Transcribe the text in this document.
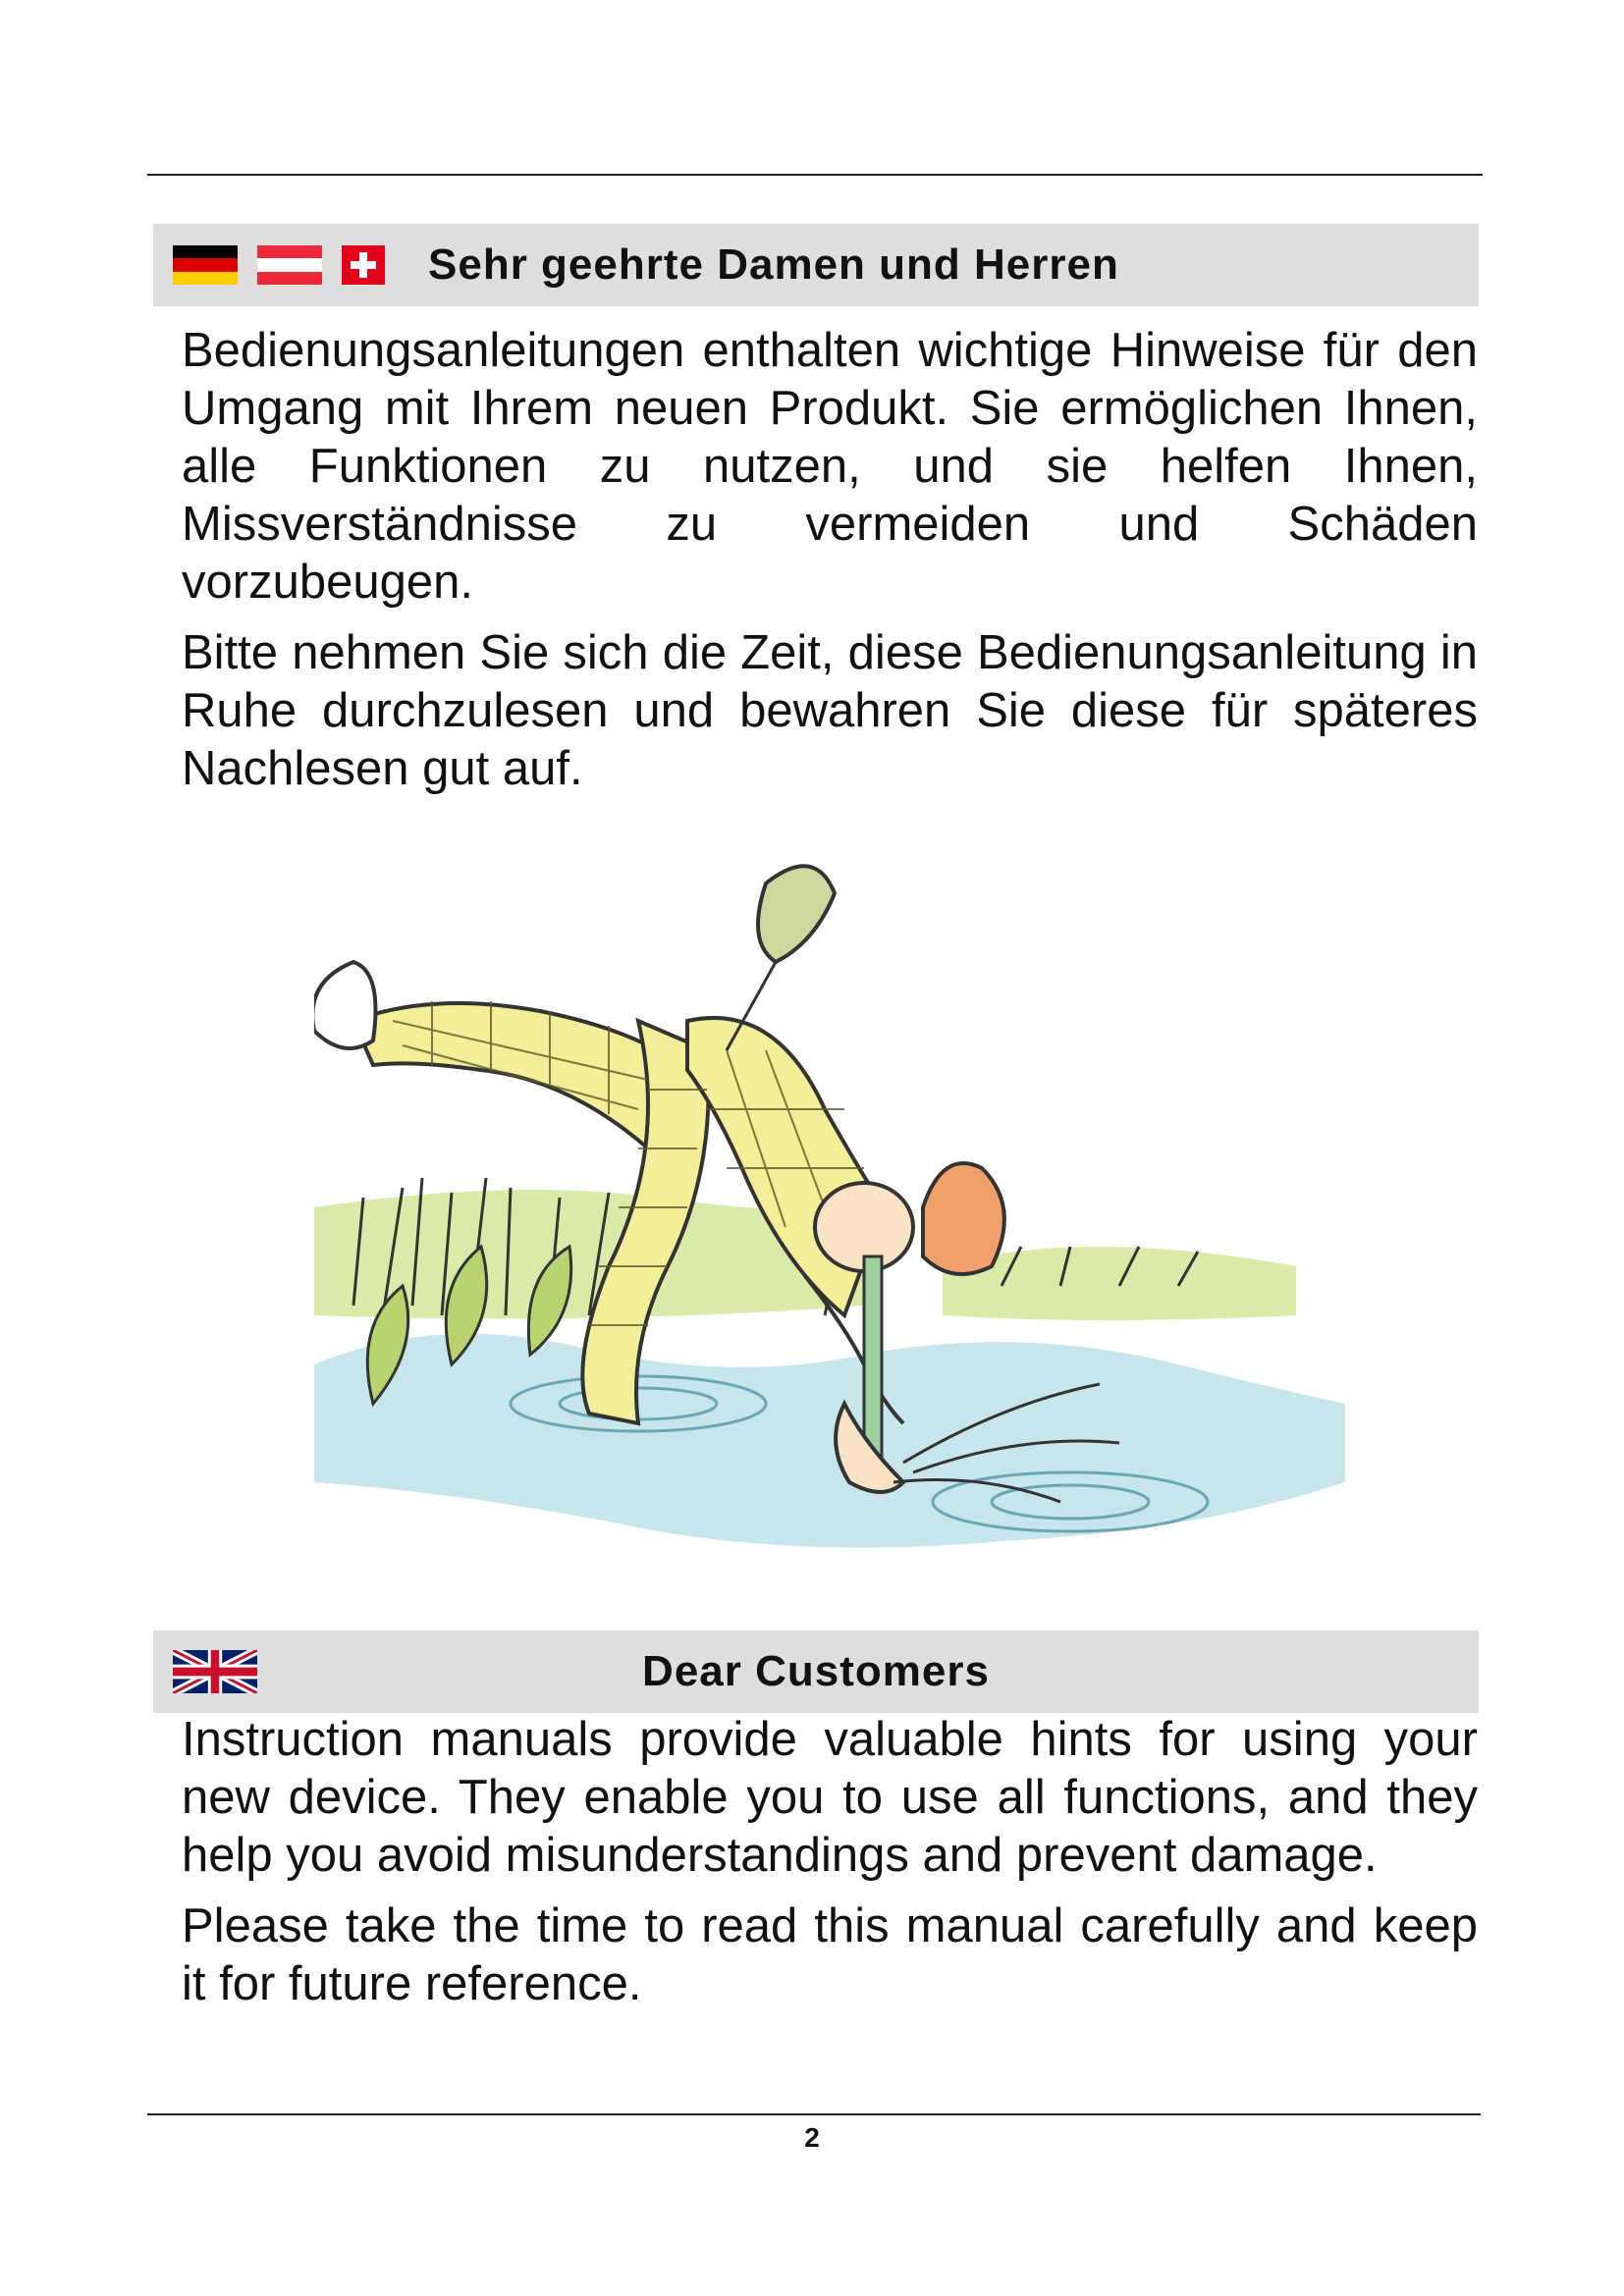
Sehr geehrte Damen und Herren

Bedienungsanleitungen enthalten wichtige Hinweise für den Umgang mit Ihrem neuen Produkt. Sie ermöglichen Ihnen, alle Funktionen zu nutzen, und sie helfen Ihnen, Missverständnisse zu vermeiden und Schäden vorzubeugen.

Bitte nehmen Sie sich die Zeit, diese Bedienungsanleitung in Ruhe durchzulesen und bewahren Sie diese für späteres Nachlesen gut auf.

Dear Customers

Instruction manuals provide valuable hints for using your new device. They enable you to use all functions, and they help you avoid misunderstandings and prevent damage.

Please take the time to read this manual carefully and keep it for future reference.

2
